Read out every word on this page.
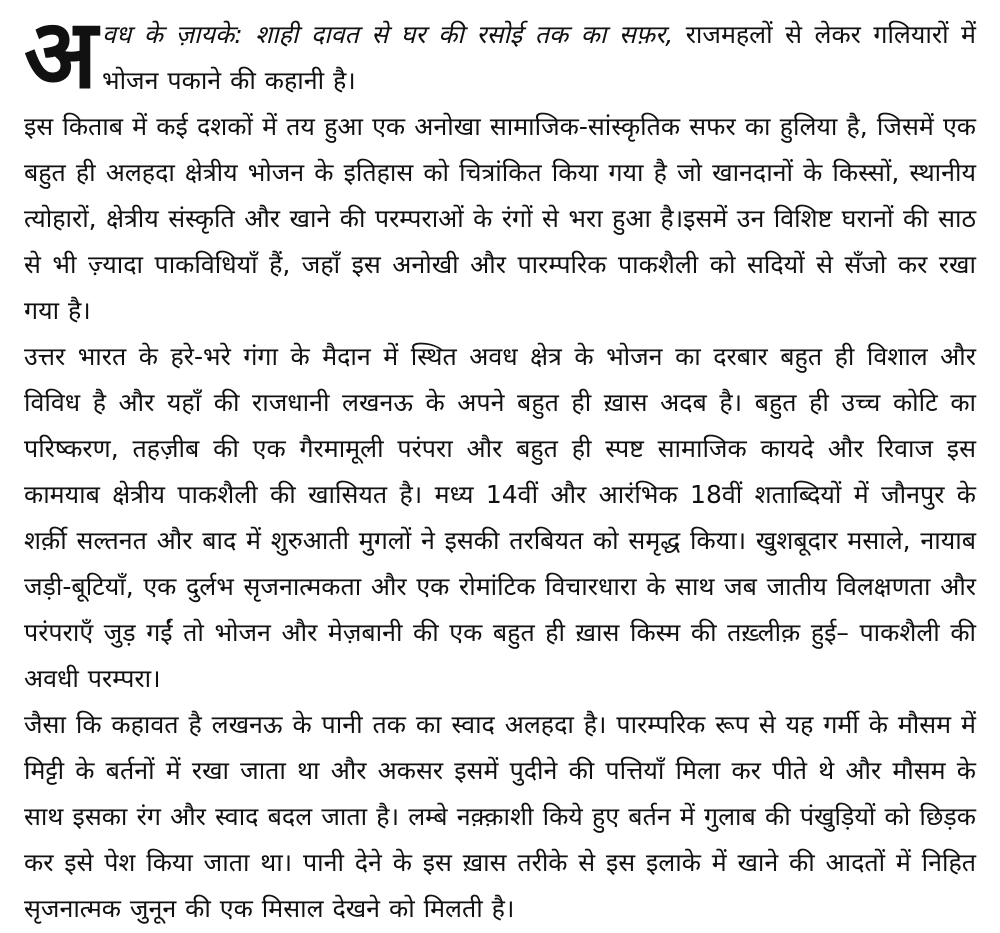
अ वध के ज़ायके: शाही दावत से घर की रसोई तक का सफ़र, राजमहलों से लेकर गलियारों में भोजन पकाने की कहानी है।

इस किताब में कई दशकों में तय हुआ एक अनोखा सामाजिक-सांस्कृतिक सफर का हुलिया है, जिसमें एक बहुत ही अलहदा क्षेत्रीय भोजन के इतिहास को चित्रांकित किया गया है जो खानदानों के किस्सों, स्थानीय त्योहारों, क्षेत्रीय संस्कृति और खाने की परम्पराओं के रंगों से भरा हुआ है।इसमें उन विशिष्ट घरानों की साठ से भी ज़्यादा पाकविधियाँ हैं, जहाँ इस अनोखी और पारम्परिक पाकशैली को सदियों से सँजो कर रखा गया है।

उत्तर भारत के हरे-भरे गंगा के मैदान में स्थित अवध क्षेत्र के भोजन का दरबार बहुत ही विशाल और विविध है और यहाँ की राजधानी लखनऊ के अपने बहुत ही ख़ास अदब है। बहुत ही उच्च कोटि का परिष्करण, तहज़ीब की एक गैरमामूली परंपरा और बहुत ही स्पष्ट सामाजिक कायदे और रिवाज इस कामयाब क्षेत्रीय पाकशैली की खासियत है। मध्य 14वीं और आरंभिक 18वीं शताब्दियों में जौनपुर के शर्क़ी सल्तनत और बाद में शुरुआती मुगलों ने इसकी तरबियत को समृद्ध किया। खुशबूदार मसाले, नायाब जड़ी-बूटियाँ, एक दुर्लभ सृजनात्मकता और एक रोमांटिक विचारधारा के साथ जब जातीय विलक्षणता और परंपराएँ जुड़ गईं तो भोजन और मेज़बानी की एक बहुत ही ख़ास किस्म की तख़्लीक़ हुई– पाकशैली की अवधी परम्परा।

जैसा कि कहावत है लखनऊ के पानी तक का स्वाद अलहदा है। पारम्परिक रूप से यह गर्मी के मौसम में मिट्टी के बर्तनों में रखा जाता था और अकसर इसमें पुदीने की पत्तियाँ मिला कर पीते थे और मौसम के साथ इसका रंग और स्वाद बदल जाता है। लम्बे नक़्क़ाशी किये हुए बर्तन में गुलाब की पंखुड़ियों को छिड़क कर इसे पेश किया जाता था। पानी देने के इस ख़ास तरीके से इस इलाके में खाने की आदतों में निहित सृजनात्मक जुनून की एक मिसाल देखने को मिलती है।
